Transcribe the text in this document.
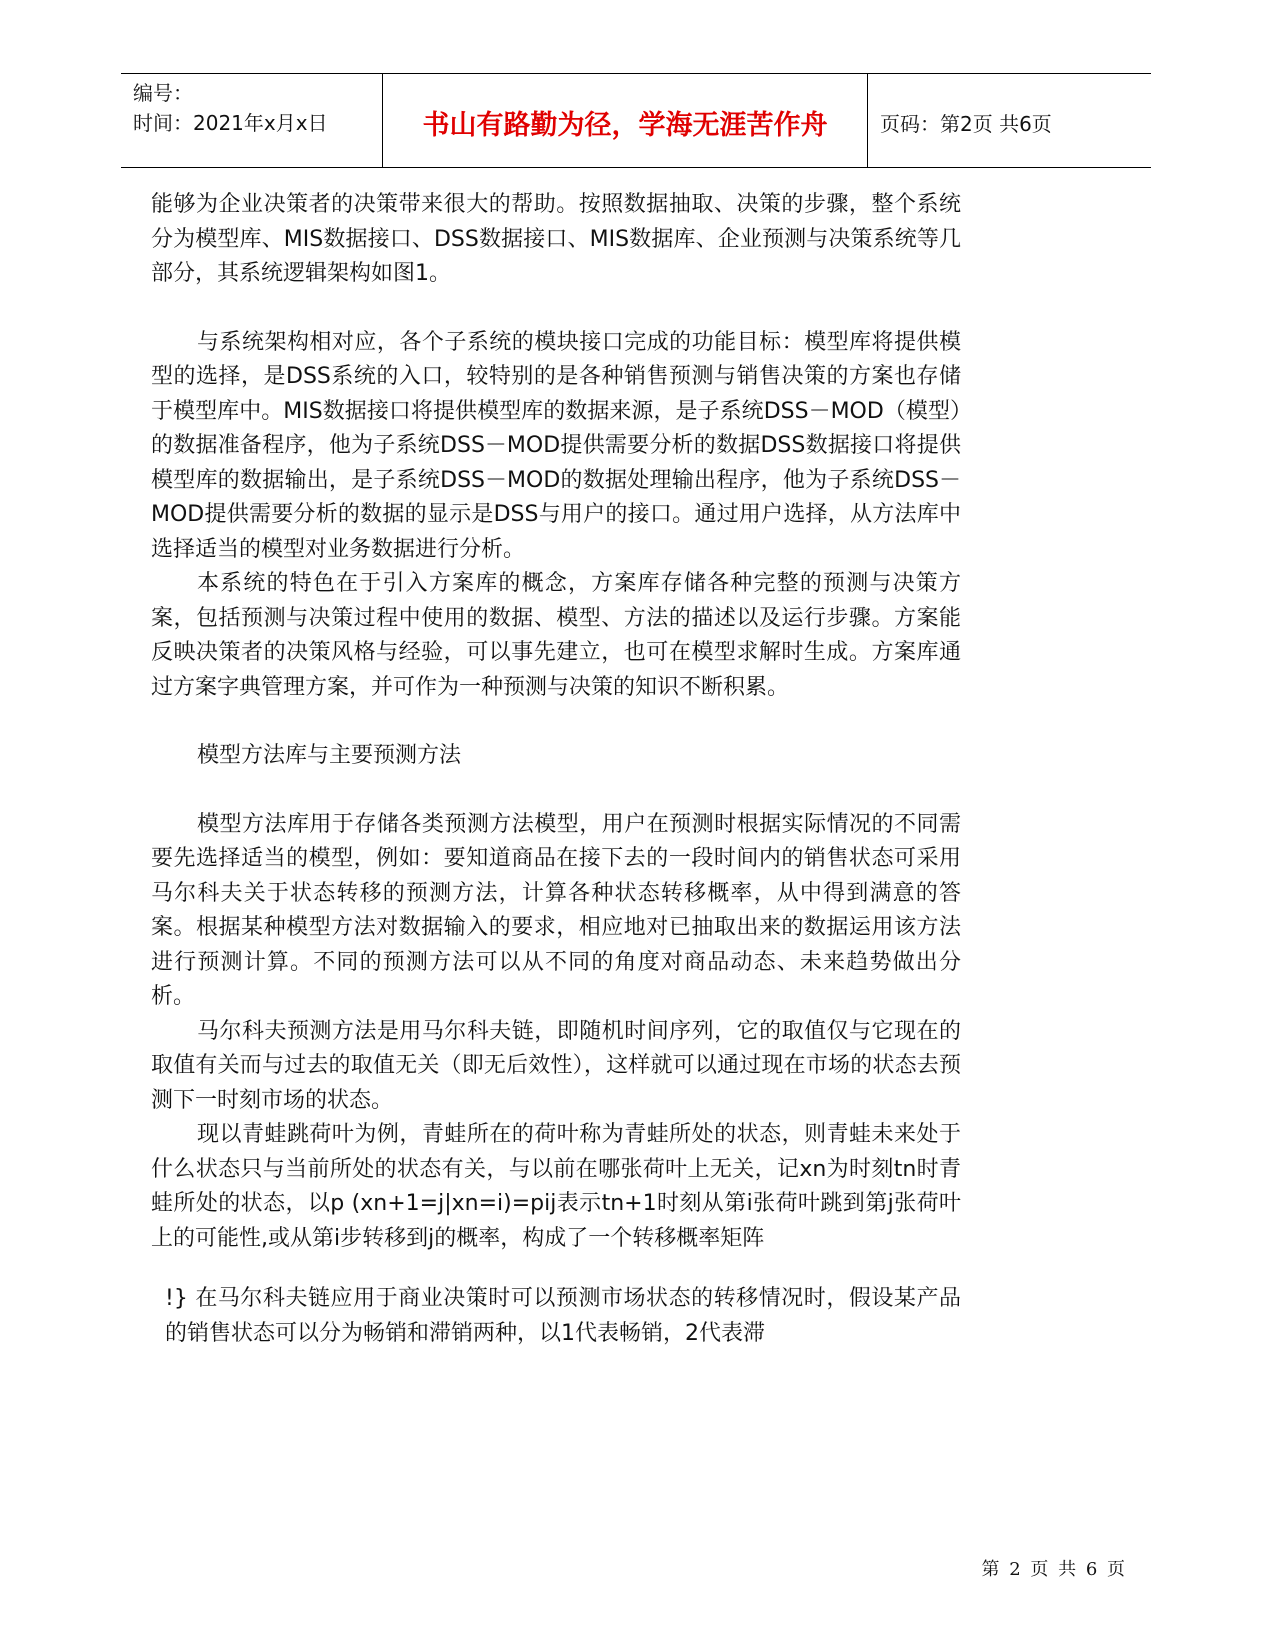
编号：
时间：2021年x月x日	书山有路勤为径，学海无涯苦作舟	页码：第2页 共6页

能够为企业决策者的决策带来很大的帮助。按照数据抽取、决策的步骤，整个系统分为模型库、MIS数据接口、DSS数据接口、MIS数据库、企业预测与决策系统等几部分，其系统逻辑架构如图1。

与系统架构相对应，各个子系统的模块接口完成的功能目标：模型库将提供模型的选择，是DSS系统的入口，较特别的是各种销售预测与销售决策的方案也存储于模型库中。MIS数据接口将提供模型库的数据来源，是子系统DSS－MOD（模型）的数据准备程序，他为子系统DSS－MOD提供需要分析的数据DSS数据接口将提供模型库的数据输出，是子系统DSS－MOD的数据处理输出程序，他为子系统DSS－MOD提供需要分析的数据的显示是DSS与用户的接口。通过用户选择，从方法库中选择适当的模型对业务数据进行分析。

本系统的特色在于引入方案库的概念，方案库存储各种完整的预测与决策方案，包括预测与决策过程中使用的数据、模型、方法的描述以及运行步骤。方案能反映决策者的决策风格与经验，可以事先建立，也可在模型求解时生成。方案库通过方案字典管理方案，并可作为一种预测与决策的知识不断积累。

模型方法库与主要预测方法

模型方法库用于存储各类预测方法模型，用户在预测时根据实际情况的不同需要先选择适当的模型，例如：要知道商品在接下去的一段时间内的销售状态可采用马尔科夫关于状态转移的预测方法，计算各种状态转移概率，从中得到满意的答案。根据某种模型方法对数据输入的要求，相应地对已抽取出来的数据运用该方法进行预测计算。不同的预测方法可以从不同的角度对商品动态、未来趋势做出分析。

马尔科夫预测方法是用马尔科夫链，即随机时间序列，它的取值仅与它现在的取值有关而与过去的取值无关（即无后效性），这样就可以通过现在市场的状态去预测下一时刻市场的状态。

现以青蛙跳荷叶为例，青蛙所在的荷叶称为青蛙所处的状态，则青蛙未来处于什么状态只与当前所处的状态有关，与以前在哪张荷叶上无关，记xn为时刻tn时青蛙所处的状态，以p (xn+1=j|xn=i)=pij表示tn+1时刻从第i张荷叶跳到第j张荷叶上的可能性,或从第i步转移到j的概率，构成了一个转移概率矩阵

!} 在马尔科夫链应用于商业决策时可以预测市场状态的转移情况时，假设某产品的销售状态可以分为畅销和滞销两种，以1代表畅销，2代表滞

第 2 页 共 6 页
